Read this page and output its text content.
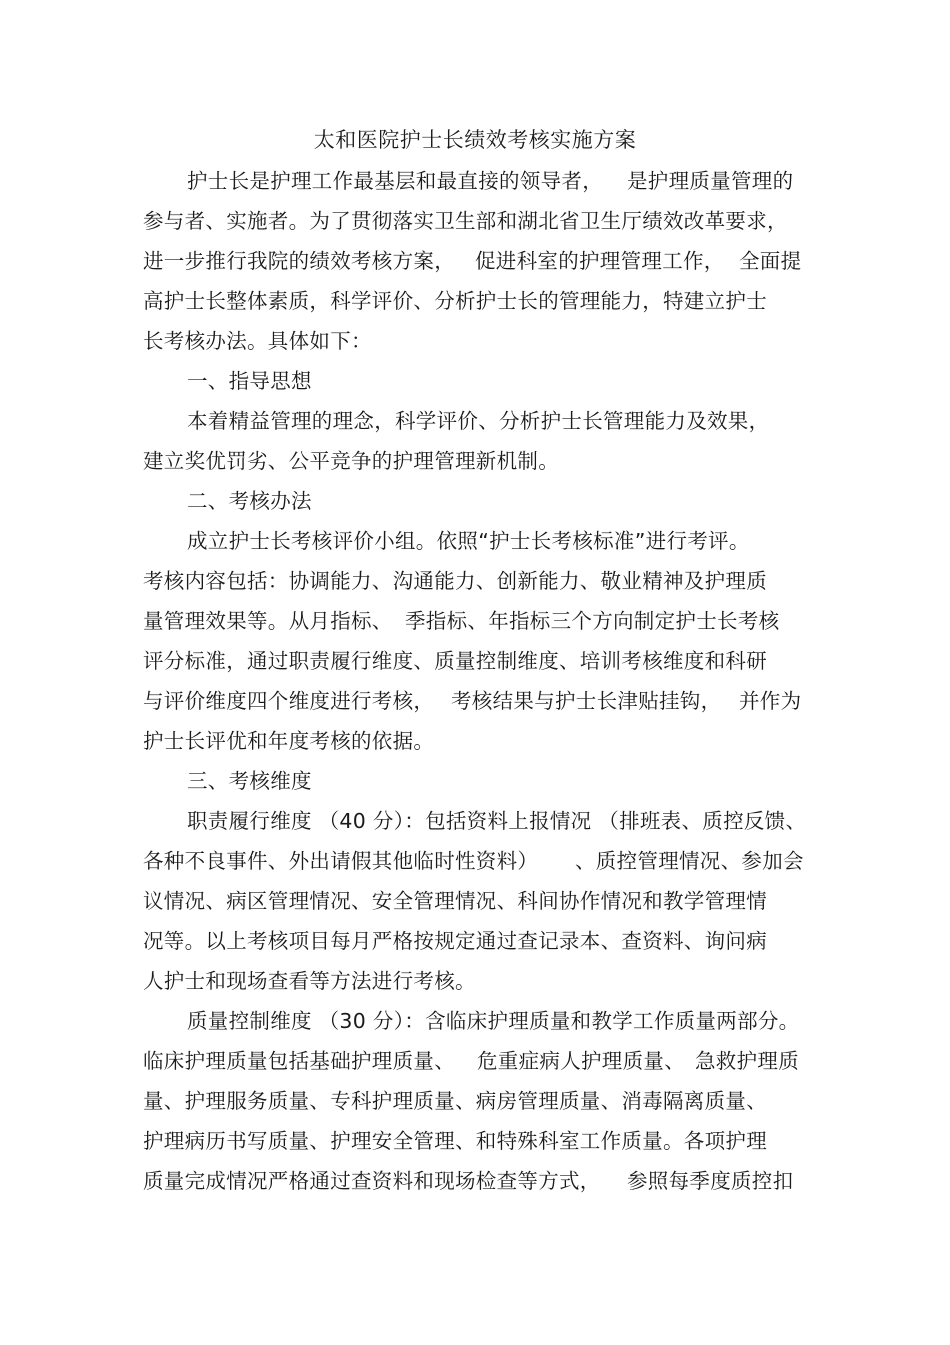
太和医院护士长绩效考核实施方案
护士长是护理工作最基层和最直接的领导者， 是护理质量管理的
参与者、实施者。为了贯彻落实卫生部和湖北省卫生厅绩效改革要求，
进一步推行我院的绩效考核方案， 促进科室的护理管理工作， 全面提
高护士长整体素质，科学评价、分析护士长的管理能力，特建立护士
长考核办法。具体如下：
一、指导思想
本着精益管理的理念，科学评价、分析护士长管理能力及效果，
建立奖优罚劣、公平竞争的护理管理新机制。
二、考核办法
成立护士长考核评价小组。依照“护士长考核标准”进行考评。
考核内容包括：协调能力、沟通能力、创新能力、敬业精神及护理质
量管理效果等。从月指标、 季指标、年指标三个方向制定护士长考核
评分标准，通过职责履行维度、质量控制维度、培训考核维度和科研
与评价维度四个维度进行考核， 考核结果与护士长津贴挂钩， 并作为
护士长评优和年度考核的依据。
三、考核维度
职责履行维度 （40 分）：包括资料上报情况 （排班表、质控反馈、
各种不良事件、外出请假其他临时性资料） 、质控管理情况、参加会
议情况、病区管理情况、安全管理情况、科间协作情况和教学管理情
况等。以上考核项目每月严格按规定通过查记录本、查资料、询问病
人护士和现场查看等方法进行考核。
质量控制维度 （30 分）：含临床护理质量和教学工作质量两部分。
临床护理质量包括基础护理质量、 危重症病人护理质量、 急救护理质
量、护理服务质量、专科护理质量、病房管理质量、消毒隔离质量、
护理病历书写质量、护理安全管理、和特殊科室工作质量。各项护理
质量完成情况严格通过查资料和现场检查等方式， 参照每季度质控扣
